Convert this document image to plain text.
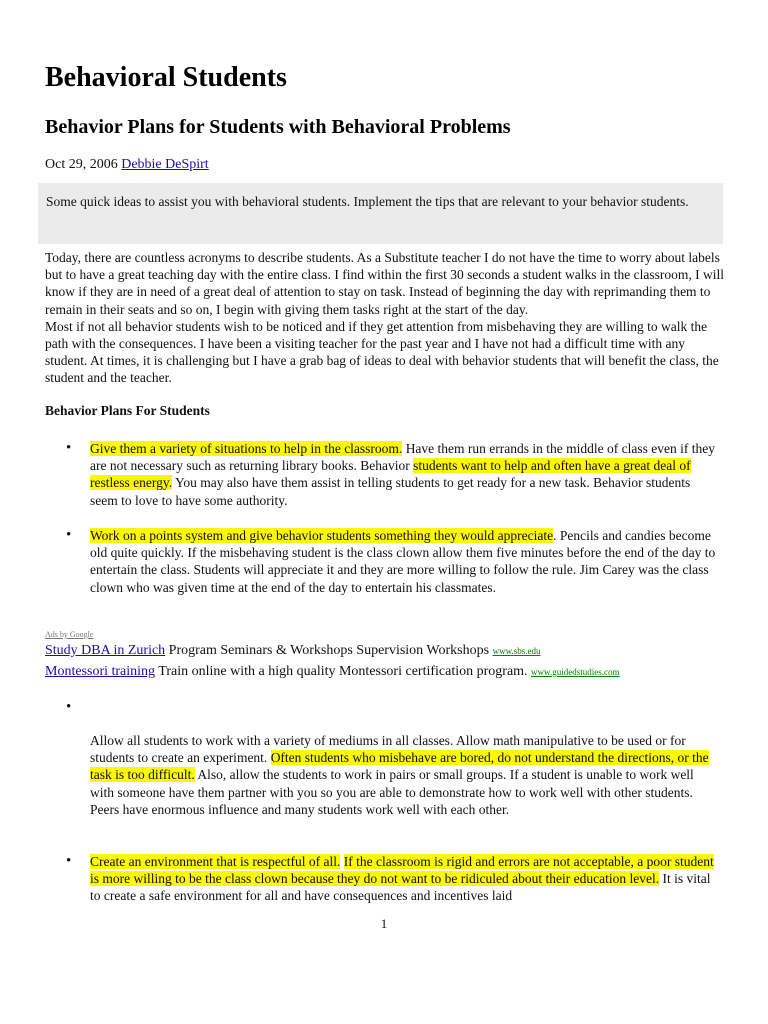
Behavioral Students
Behavior Plans for Students with Behavioral Problems
Oct 29, 2006 Debbie DeSpirt
Some quick ideas to assist you with behavioral students. Implement the tips that are relevant to your behavior students.

Today, there are countless acronyms to describe students. As a Substitute teacher I do not have the time to worry about labels but to have a great teaching day with the entire class. I find within the first 30 seconds a student walks in the classroom, I will know if they are in need of a great deal of attention to stay on task. Instead of beginning the day with reprimanding them to remain in their seats and so on, I begin with giving them tasks right at the start of the day.
Most if not all behavior students wish to be noticed and if they get attention from misbehaving they are willing to walk the path with the consequences. I have been a visiting teacher for the past year and I have not had a difficult time with any student. At times, it is challenging but I have a grab bag of ideas to deal with behavior students that will benefit the class, the student and the teacher.

Behavior Plans For Students

• Give them a variety of situations to help in the classroom. Have them run errands in the middle of class even if they are not necessary such as returning library books. Behavior students want to help and often have a great deal of restless energy. You may also have them assist in telling students to get ready for a new task. Behavior students seem to love to have some authority.

• Work on a points system and give behavior students something they would appreciate. Pencils and candies become old quite quickly. If the misbehaving student is the class clown allow them five minutes before the end of the day to entertain the class. Students will appreciate it and they are more willing to follow the rule. Jim Carey was the class clown who was given time at the end of the day to entertain his classmates.

Ads by Google
Study DBA in Zurich Program Seminars & Workshops Supervision Workshops www.sbs.edu
Montessori training Train online with a high quality Montessori certification program. www.guidedstudies.com
•

Allow all students to work with a variety of mediums in all classes. Allow math manipulative to be used or for students to create an experiment. Often students who misbehave are bored, do not understand the directions, or the task is too difficult. Also, allow the students to work in pairs or small groups. If a student is unable to work well with someone have them partner with you so you are able to demonstrate how to work well with other students. Peers have enormous influence and many students work well with each other.

• Create an environment that is respectful of all. If the classroom is rigid and errors are not acceptable, a poor student is more willing to be the class clown because they do not want to be ridiculed about their education level. It is vital to create a safe environment for all and have consequences and incentives laid

1
